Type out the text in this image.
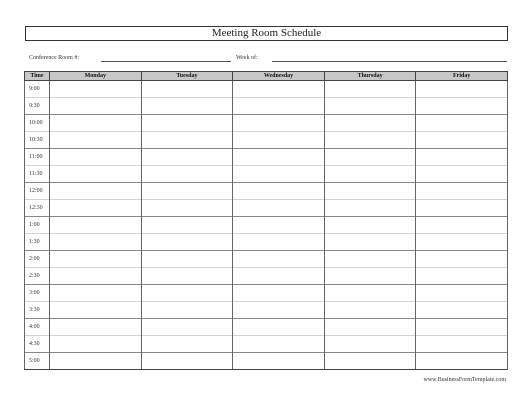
Meeting Room Schedule
Conference Room #:	Week of:
Time	Monday	Tuesday	Wednesday	Thursday	Friday
9:00					
9:30					
10:00					
10:30					
11:00					
11:30					
12:00					
12:30					
1:00					
1:30					
2:00					
2:30					
3:00					
3:30					
4:00					
4:30					
5:00					
www.BusinessFormTemplate.com
